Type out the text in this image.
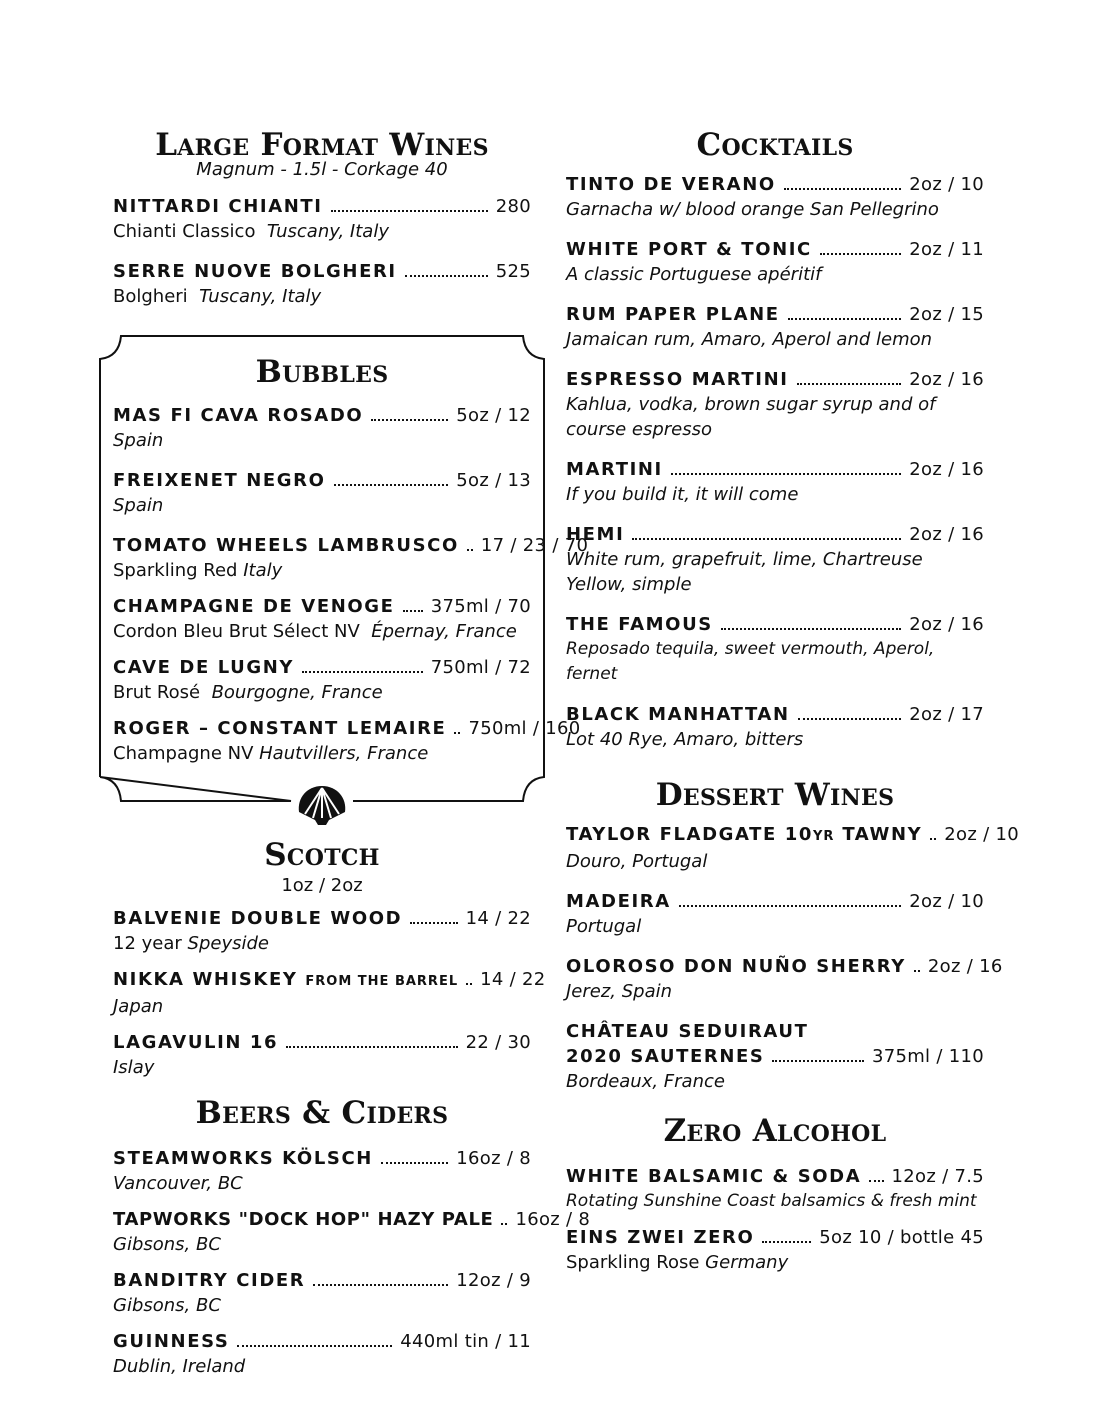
Large Format Wines
Magnum - 1.5l - Corkage 40
NITTARDI CHIANTI	280
Chianti Classico Tuscany, Italy
SERRE NUOVE BOLGHERI	525
Bolgheri Tuscany, Italy
Bubbles
MAS FI CAVA ROSADO	5oz / 12
Spain
FREIXENET NEGRO	5oz / 13
Spain
TOMATO WHEELS LAMBRUSCO 17 / 23 / 70
Sparkling Red Italy
CHAMPAGNE DE VENOGE 375ml / 70
Cordon Bleu Brut Sélect NV Épernay, France
CAVE DE LUGNY	750ml / 72
Brut Rosé Bourgogne, France
ROGER – CONSTANT LEMAIRE 750ml / 160
Champagne NV Hautvillers, France
Scotch
1oz / 2oz
BALVENIE DOUBLE WOOD	14 / 22
12 year Speyside
NIKKA WHISKEY FROM THE BARREL 14 / 22
Japan
LAGAVULIN 16	22 / 30
Islay
Beers & Ciders
STEAMWORKS KÖLSCH	16oz / 8
Vancouver, BC
TAPWORKS "DOCK HOP" HAZY PALE 16oz / 8
Gibsons, BC
BANDITRY CIDER	12oz / 9
Gibsons, BC
GUINNESS	440ml tin / 11
Dublin, Ireland
Cocktails
TINTO DE VERANO	2oz / 10
Garnacha w/ blood orange San Pellegrino
WHITE PORT & TONIC	2oz / 11
A classic Portuguese apéritif
RUM PAPER PLANE	2oz / 15
Jamaican rum, Amaro, Aperol and lemon
ESPRESSO MARTINI	2oz / 16
Kahlua, vodka, brown sugar syrup and of course espresso
MARTINI	2oz / 16
If you build it, it will come
HEMI	2oz / 16
White rum, grapefruit, lime, Chartreuse Yellow, simple
THE FAMOUS	2oz / 16
Reposado tequila, sweet vermouth, Aperol, fernet
BLACK MANHATTAN	2oz / 17
Lot 40 Rye, Amaro, bitters
Dessert Wines
TAYLOR FLADGATE 10YR TAWNY 2oz / 10
Douro, Portugal
MADEIRA	2oz / 10
Portugal
OLOROSO DON NUÑO SHERRY 2oz / 16
Jerez, Spain
CHÂTEAU SEDUIRAUT
2020 SAUTERNES	375ml / 110
Bordeaux, France
Zero Alcohol
WHITE BALSAMIC & SODA 12oz / 7.5
Rotating Sunshine Coast balsamics & fresh mint
EINS ZWEI ZERO	5oz 10 / bottle 45
Sparkling Rose Germany
